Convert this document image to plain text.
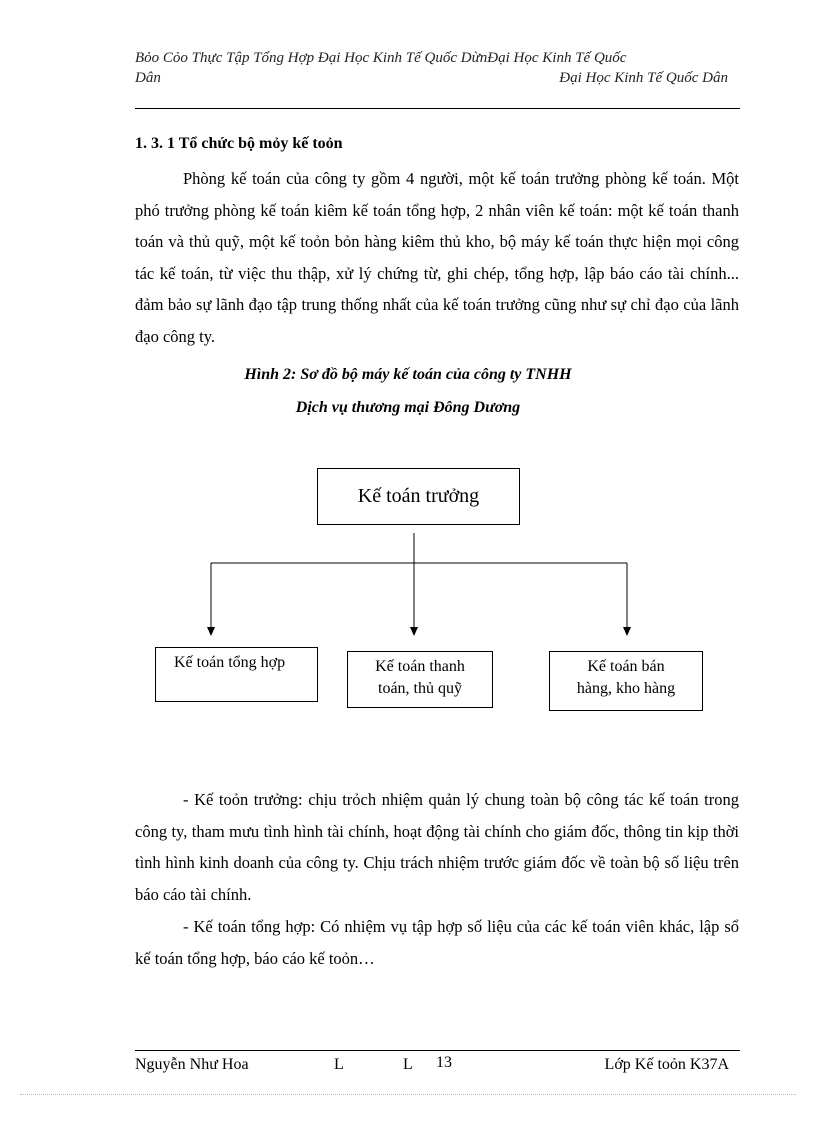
Bỏo Cỏo Thực Tập Tổng Hợp Đại Học Kinh Tế Quốc DừnĐại Học Kinh Tế Quốc
Dân	Đại Học Kinh Tế Quốc Dân
1. 3. 1 Tổ chức bộ mỏy kế toỏn
Phòng kế toán của công ty gồm 4 người, một kế toán trưởng phòng kế toán. Một phó trưởng phòng kế toán kiêm kế toán tổng hợp, 2 nhân viên kế toán: một kế toán thanh toán và thủ quỹ, một kế toỏn bỏn hàng kiêm thủ kho, bộ máy kế toán thực hiện mọi công tác kế toán, từ việc thu thập, xử lý chứng từ, ghi chép, tổng hợp, lập báo cáo tài chính... đảm bảo sự lãnh đạo tập trung thống nhất của kế toán trưởng cũng như sự chỉ đạo của lãnh đạo công ty.
Hình 2: Sơ đồ bộ máy kế toán của công ty TNHH
Dịch vụ thương mại Đông Dương
Kế toán trưởng
Kế toán tổng hợp	Kế toán thanh
toán, thủ quỹ
Kế toán bán
hàng, kho hàng
- Kế toỏn trưởng: chịu trỏch nhiệm quản lý chung toàn bộ công tác kế toán trong công ty, tham mưu tình hình tài chính, hoạt động tài chính cho giám đốc, thông tin kịp thời tình hình kinh doanh của công ty. Chịu trách nhiệm trước giám đốc về toàn bộ số liệu trên báo cáo tài chính.
- Kế toán tổng hợp: Có nhiệm vụ tập hợp số liệu của các kế toán viên khác, lập sổ kế toán tổng hợp, báo cáo kế toỏn…
Nguyễn Như Hoa	L	L 13	Lớp Kế toỏn K37A
